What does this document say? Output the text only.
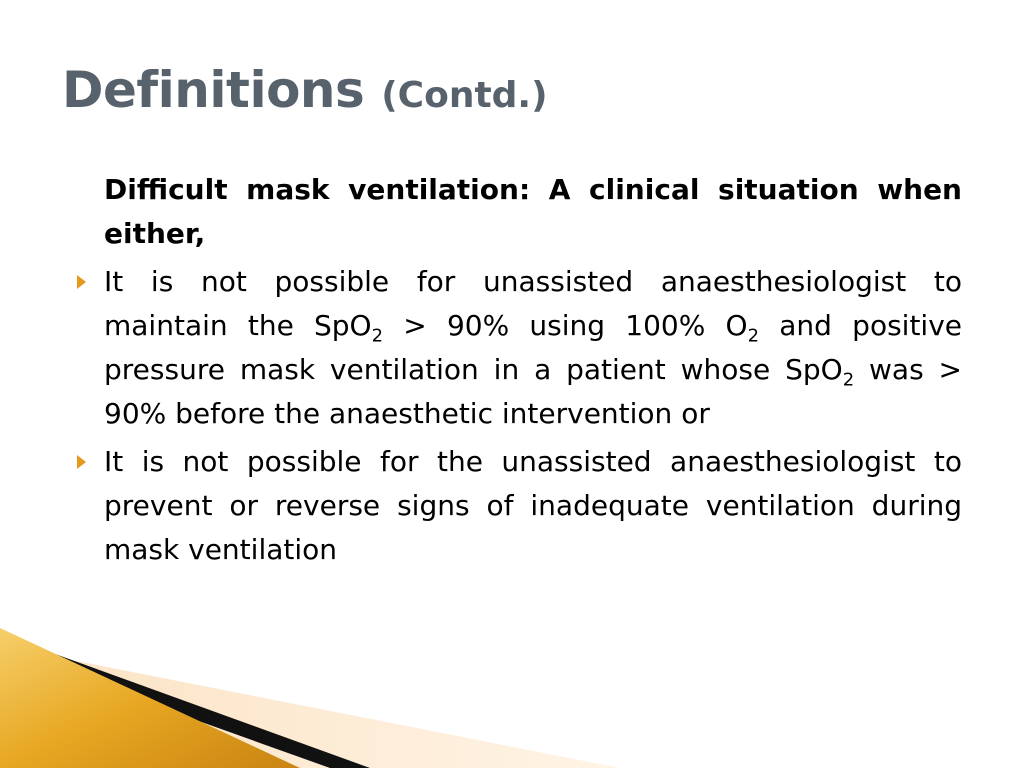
Definitions (Contd.)

Difficult mask ventilation: A clinical situation when either,

It is not possible for unassisted anaesthesiologist to maintain the SpO$_2$ > 90% using 100% $O_2$ and positive pressure mask ventilation in a patient whose SpO$_2$ was > 90% before the anaesthetic intervention or
It is not possible for the unassisted anaesthesiologist to prevent or reverse signs of inadequate ventilation during mask ventilation
